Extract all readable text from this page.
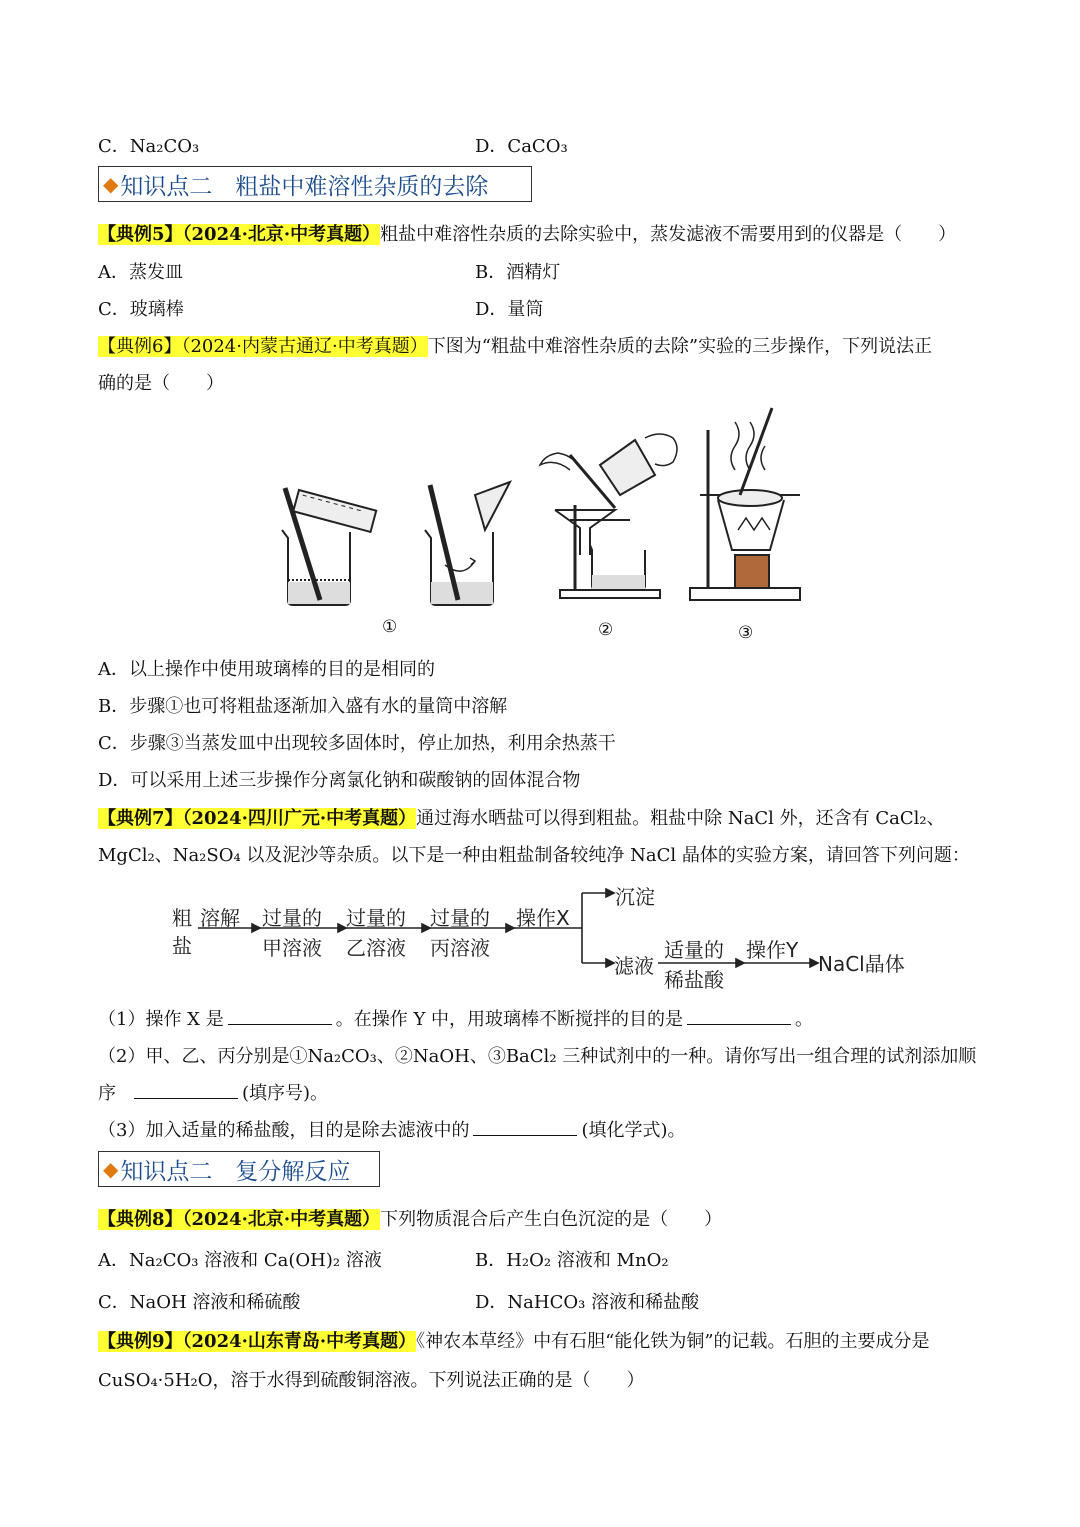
C．Na₂CO₃	D．CaCO₃
◆ 知识点二　粗盐中难溶性杂质的去除
【典例5】（2024·北京·中考真题）粗盐中难溶性杂质的去除实验中，蒸发滤液不需要用到的仪器是（　　）
A．蒸发皿	B．酒精灯
C．玻璃棒	D．量筒
【典例6】（2024·内蒙古通辽·中考真题）下图为“粗盐中难溶性杂质的去除”实验的三步操作，下列说法正
确的是（　　）
①	②	③
A．以上操作中使用玻璃棒的目的是相同的
B．步骤①也可将粗盐逐渐加入盛有水的量筒中溶解
C．步骤③当蒸发皿中出现较多固体时，停止加热，利用余热蒸干
D．可以采用上述三步操作分离氯化钠和碳酸钠的固体混合物
【典例7】（2024·四川广元·中考真题）通过海水晒盐可以得到粗盐。粗盐中除 NaCl 外，还含有 CaCl₂、
MgCl₂、Na₂SO₄ 以及泥沙等杂质。以下是一种由粗盐制备较纯净 NaCl 晶体的实验方案，请回答下列问题：
粗
盐
溶解 过量的
甲溶液
过量的
乙溶液
过量的
丙溶液
操作X
沉淀
滤液
适量的
稀盐酸
操作Y
NaCl晶体
（1）操作 X 是	。在操作 Y 中，用玻璃棒不断搅拌的目的是	。
（2）甲、乙、丙分别是①Na₂CO₃、②NaOH、③BaCl₂ 三种试剂中的一种。请你写出一组合理的试剂添加顺
序	(填序号)。
（3）加入适量的稀盐酸，目的是除去滤液中的	(填化学式)。
◆ 知识点二　复分解反应
【典例8】（2024·北京·中考真题）下列物质混合后产生白色沉淀的是（　　）
A．Na₂CO₃ 溶液和 Ca(OH)₂ 溶液	B．H₂O₂ 溶液和 MnO₂
C．NaOH 溶液和稀硫酸	D．NaHCO₃ 溶液和稀盐酸
【典例9】（2024·山东青岛·中考真题）《神农本草经》中有石胆“能化铁为铜”的记载。石胆的主要成分是
CuSO₄·5H₂O，溶于水得到硫酸铜溶液。下列说法正确的是（　　）
